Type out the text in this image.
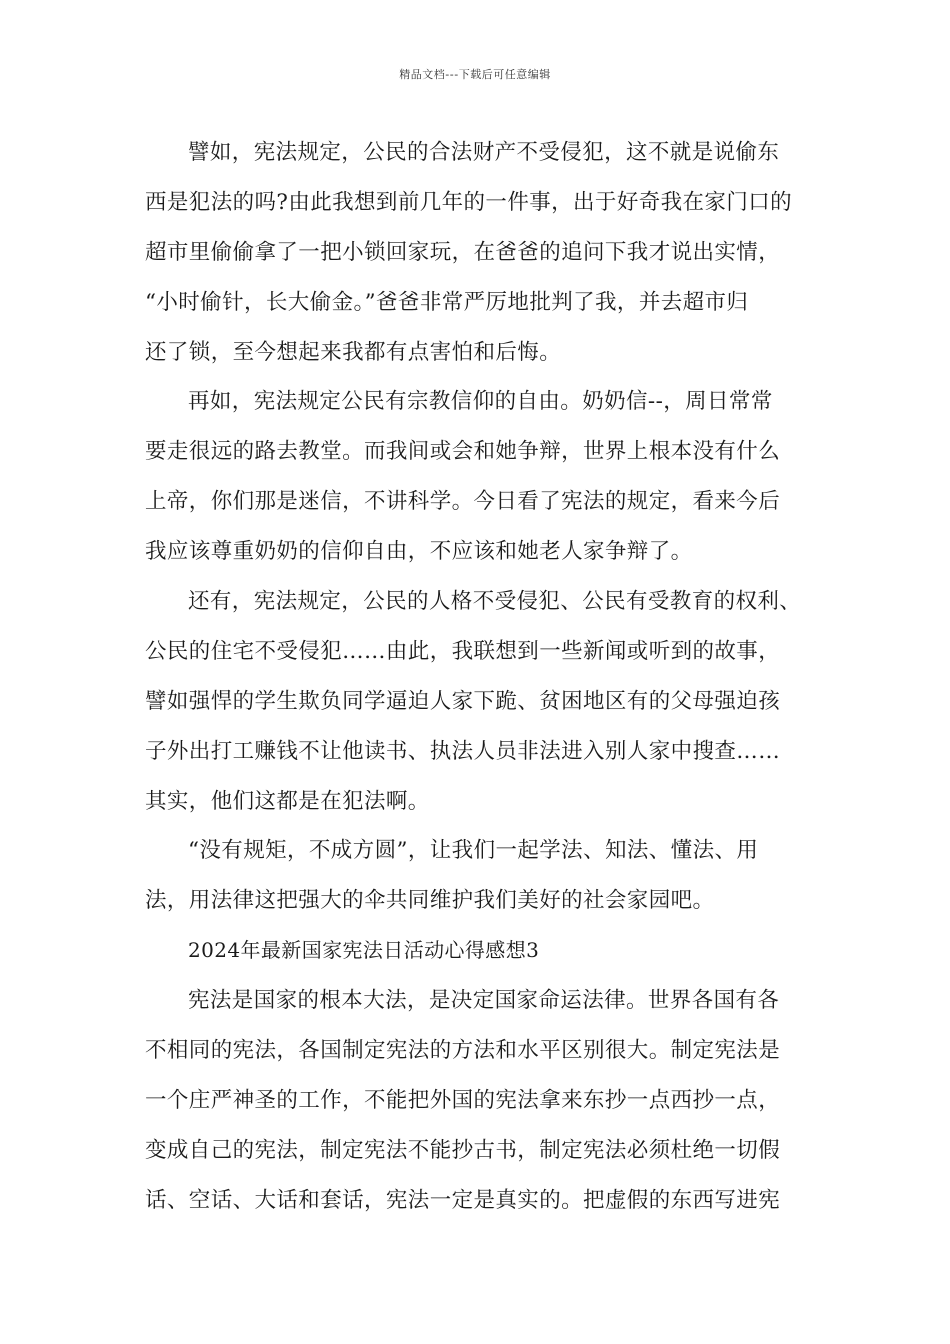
精品文档---下载后可任意编辑
譬如，宪法规定，公民的合法财产不受侵犯，这不就是说偷东
西是犯法的吗?由此我想到前几年的一件事，出于好奇我在家门口的
超市里偷偷拿了一把小锁回家玩，在爸爸的追问下我才说出实情，
“小时偷针，长大偷金。”爸爸非常严厉地批判了我，并去超市归
还了锁，至今想起来我都有点害怕和后悔。
再如，宪法规定公民有宗教信仰的自由。奶奶信--，周日常常
要走很远的路去教堂。而我间或会和她争辩，世界上根本没有什么
上帝，你们那是迷信，不讲科学。今日看了宪法的规定，看来今后
我应该尊重奶奶的信仰自由，不应该和她老人家争辩了。
还有，宪法规定，公民的人格不受侵犯、公民有受教育的权利、
公民的住宅不受侵犯……由此，我联想到一些新闻或听到的故事，
譬如强悍的学生欺负同学逼迫人家下跪、贫困地区有的父母强迫孩
子外出打工赚钱不让他读书、执法人员非法进入别人家中搜查……
其实，他们这都是在犯法啊。
“没有规矩，不成方圆”，让我们一起学法、知法、懂法、用
法，用法律这把强大的伞共同维护我们美好的社会家园吧。
2024年最新国家宪法日活动心得感想3
宪法是国家的根本大法，是决定国家命运法律。世界各国有各
不相同的宪法，各国制定宪法的方法和水平区别很大。制定宪法是
一个庄严神圣的工作，不能把外国的宪法拿来东抄一点西抄一点，
变成自己的宪法，制定宪法不能抄古书，制定宪法必须杜绝一切假
话、空话、大话和套话，宪法一定是真实的。把虚假的东西写进宪
